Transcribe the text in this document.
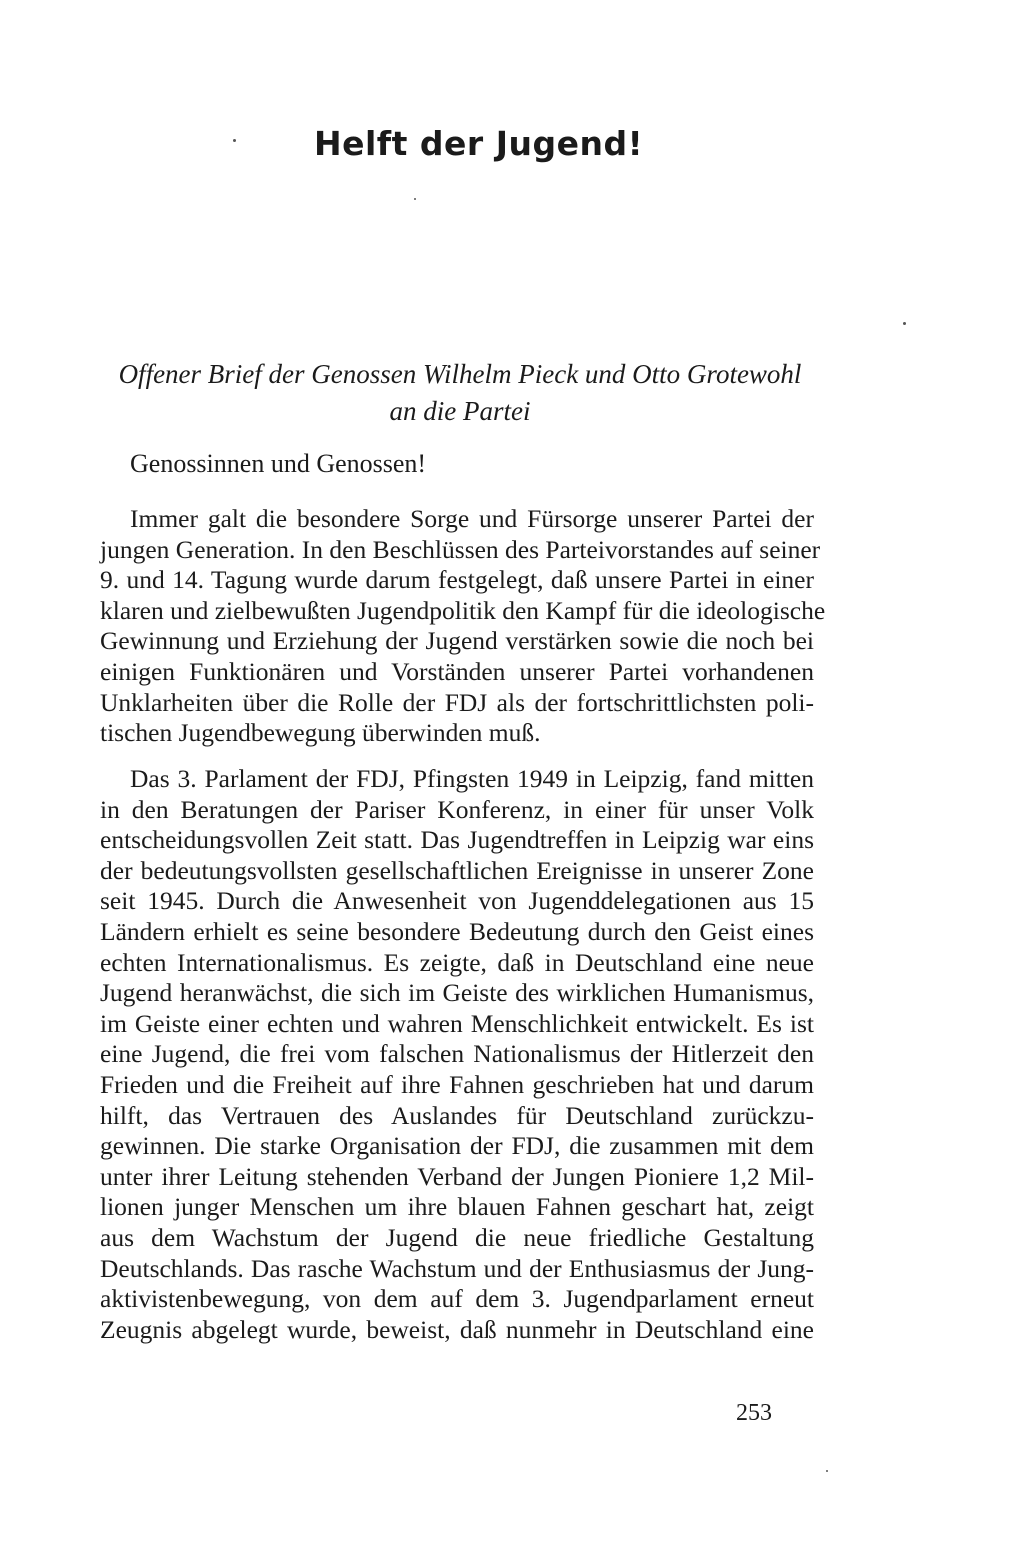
Helft der Jugend!
Offener Brief der Genossen Wilhelm Pieck und Otto Grotewohl
an die Partei

Genossinnen und Genossen!

Immer galt die besondere Sorge und Fürsorge unserer Partei der
jungen Generation. In den Beschlüssen des Parteivorstandes auf seiner
9. und 14. Tagung wurde darum festgelegt, daß unsere Partei in einer
klaren und zielbewußten Jugendpolitik den Kampf für die ideologische
Gewinnung und Erziehung der Jugend verstärken sowie die noch bei
einigen Funktionären und Vorständen unserer Partei vorhandenen
Unklarheiten über die Rolle der FDJ als der fortschrittlichsten poli-
tischen Jugendbewegung überwinden muß.
Das 3. Parlament der FDJ, Pfingsten 1949 in Leipzig, fand mitten
in den Beratungen der Pariser Konferenz, in einer für unser Volk
entscheidungsvollen Zeit statt. Das Jugendtreffen in Leipzig war eins
der bedeutungsvollsten gesellschaftlichen Ereignisse in unserer Zone
seit 1945. Durch die Anwesenheit von Jugenddelegationen aus 15
Ländern erhielt es seine besondere Bedeutung durch den Geist eines
echten Internationalismus. Es zeigte, daß in Deutschland eine neue
Jugend heranwächst, die sich im Geiste des wirklichen Humanismus,
im Geiste einer echten und wahren Menschlichkeit entwickelt. Es ist
eine Jugend, die frei vom falschen Nationalismus der Hitlerzeit den
Frieden und die Freiheit auf ihre Fahnen geschrieben hat und darum
hilft, das Vertrauen des Auslandes für Deutschland zurückzu-
gewinnen. Die starke Organisation der FDJ, die zusammen mit dem
unter ihrer Leitung stehenden Verband der Jungen Pioniere 1,2 Mil-
lionen junger Menschen um ihre blauen Fahnen geschart hat, zeigt
aus dem Wachstum der Jugend die neue friedliche Gestaltung
Deutschlands. Das rasche Wachstum und der Enthusiasmus der Jung-
aktivistenbewegung, von dem auf dem 3. Jugendparlament erneut
Zeugnis abgelegt wurde, beweist, daß nunmehr in Deutschland eine

253
